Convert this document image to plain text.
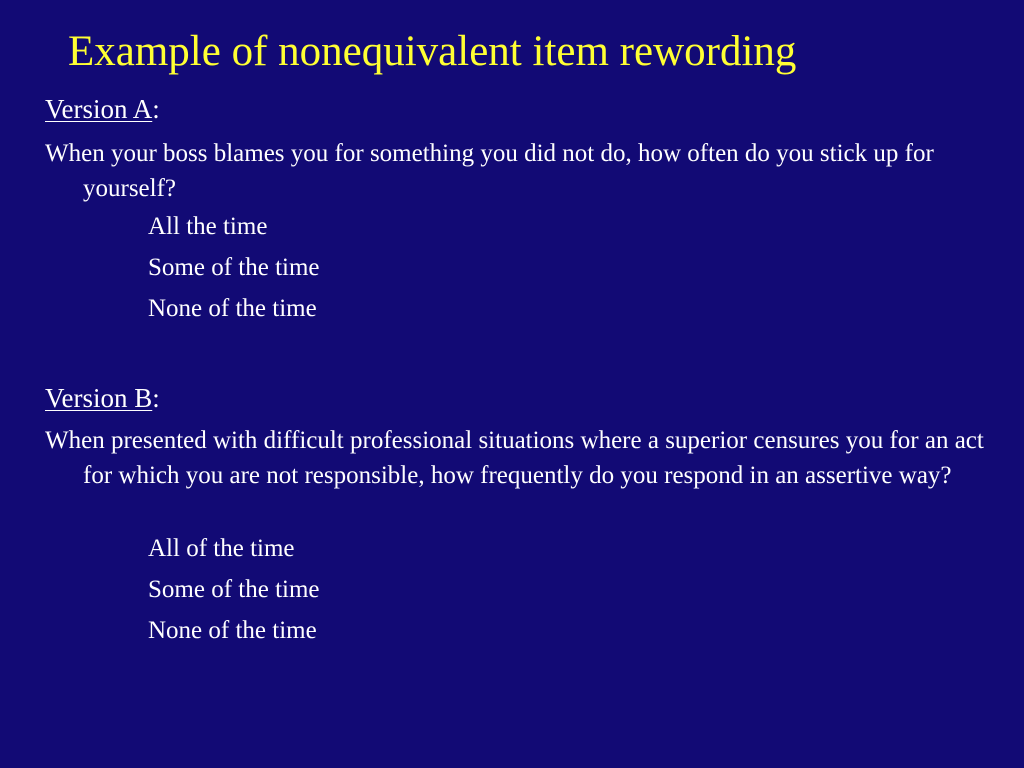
Example of nonequivalent item rewording
Version A:

When your boss blames you for something you did not do, how often do you stick up for yourself?

All the time
Some of the time
None of the time
Version B:

When presented with difficult professional situations where a superior censures you for an act for which you are not responsible, how frequently do you respond in an assertive way?

All of the time
Some of the time
None of the time
